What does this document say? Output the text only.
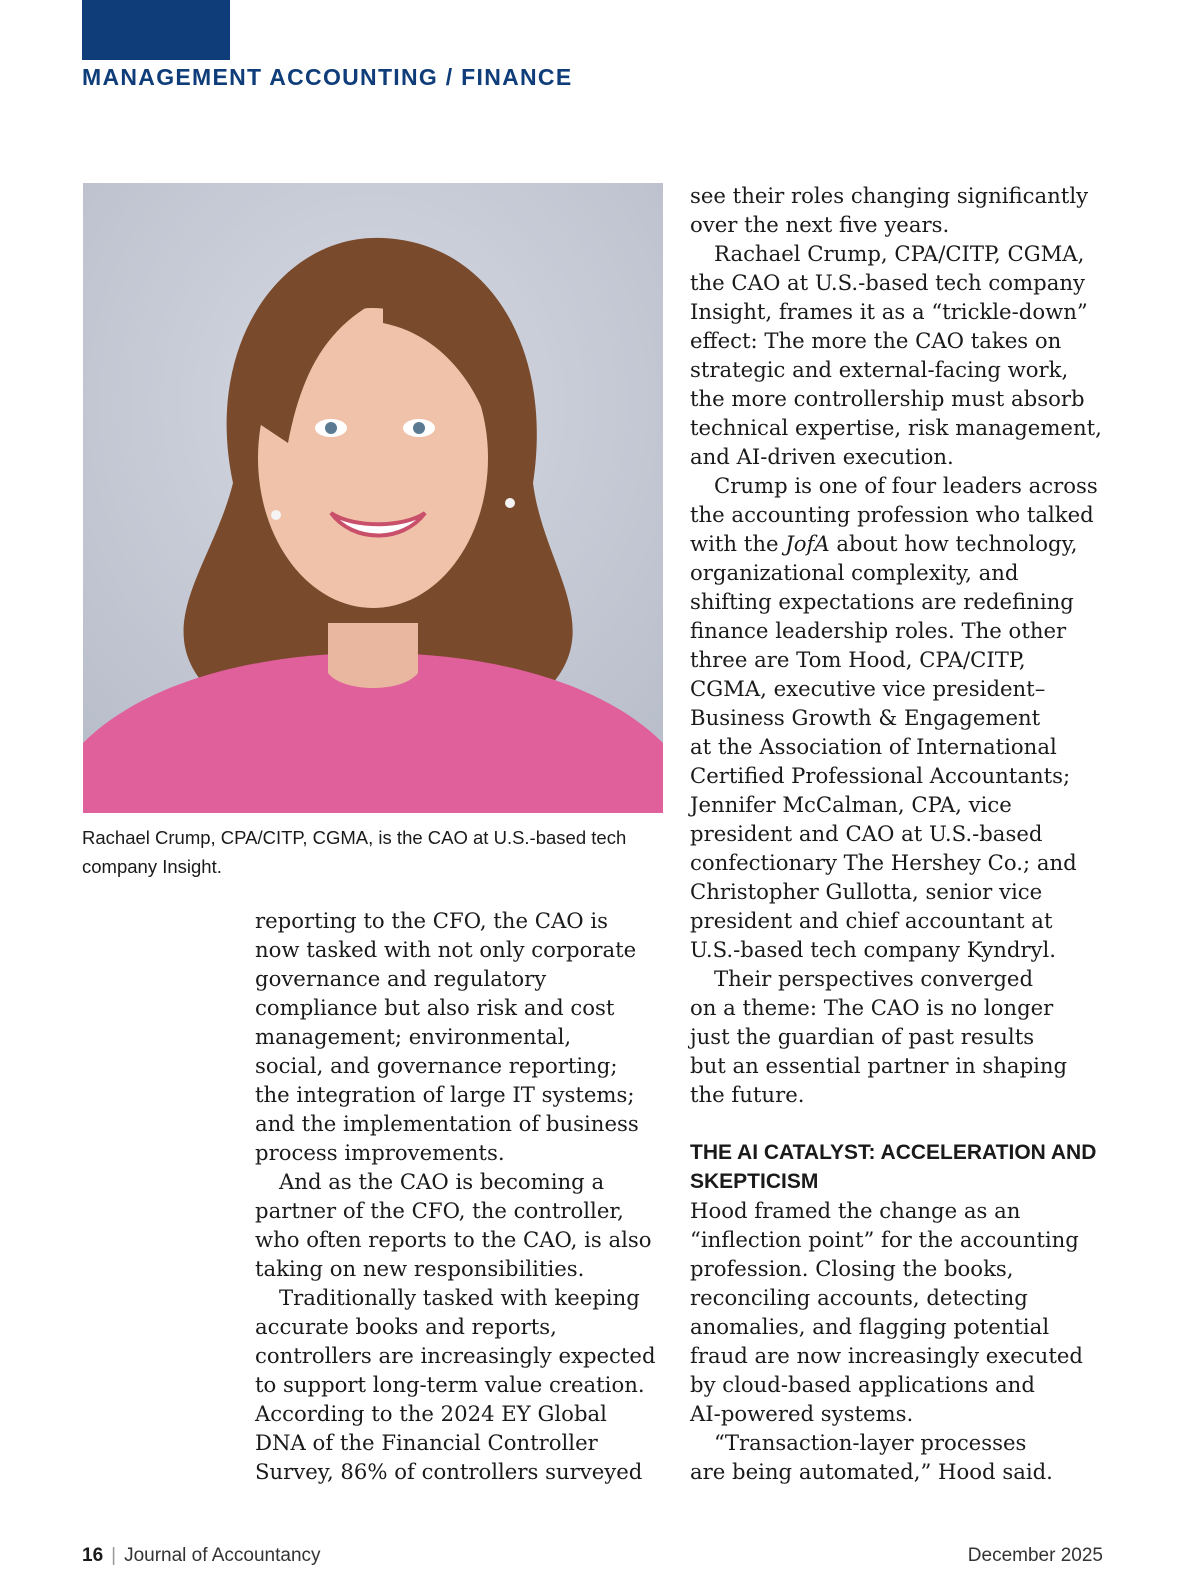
MANAGEMENT ACCOUNTING / FINANCE
Rachael Crump, CPA/CITP, CGMA, is the CAO at U.S.-based tech company Insight.
reporting to the CFO, the CAO is
now tasked with not only corporate
governance and regulatory
compliance but also risk and cost
management; environmental,
social, and governance reporting;
the integration of large IT systems;
and the implementation of business
process improvements.
And as the CAO is becoming a
partner of the CFO, the controller,
who often reports to the CAO, is also
taking on new responsibilities.
Traditionally tasked with keeping
accurate books and reports,
controllers are increasingly expected
to support long-term value creation.
According to the 2024 EY Global
DNA of the Financial Controller
Survey, 86% of controllers surveyed
see their roles changing significantly
over the next five years.
Rachael Crump, CPA/CITP, CGMA,
the CAO at U.S.-based tech company
Insight, frames it as a “trickle-down”
effect: The more the CAO takes on
strategic and external-facing work,
the more controllership must absorb
technical expertise, risk management,
and AI-driven execution.
Crump is one of four leaders across
the accounting profession who talked
with the JofA about how technology,
organizational complexity, and
shifting expectations are redefining
finance leadership roles. The other
three are Tom Hood, CPA/CITP,
CGMA, executive vice president–
Business Growth & Engagement
at the Association of International
Certified Professional Accountants;
Jennifer McCalman, CPA, vice
president and CAO at U.S.-based
confectionary The Hershey Co.; and
Christopher Gullotta, senior vice
president and chief accountant at
U.S.-based tech company Kyndryl.
Their perspectives converged
on a theme: The CAO is no longer
just the guardian of past results
but an essential partner in shaping
the future.
THE AI CATALYST: ACCELERATION AND
SKEPTICISM
Hood framed the change as an
“inflection point” for the accounting
profession. Closing the books,
reconciling accounts, detecting
anomalies, and flagging potential
fraud are now increasingly executed
by cloud-based applications and
AI-powered systems.
“Transaction-layer processes
are being automated,” Hood said.
16 | Journal of Accountancy	December 2025
